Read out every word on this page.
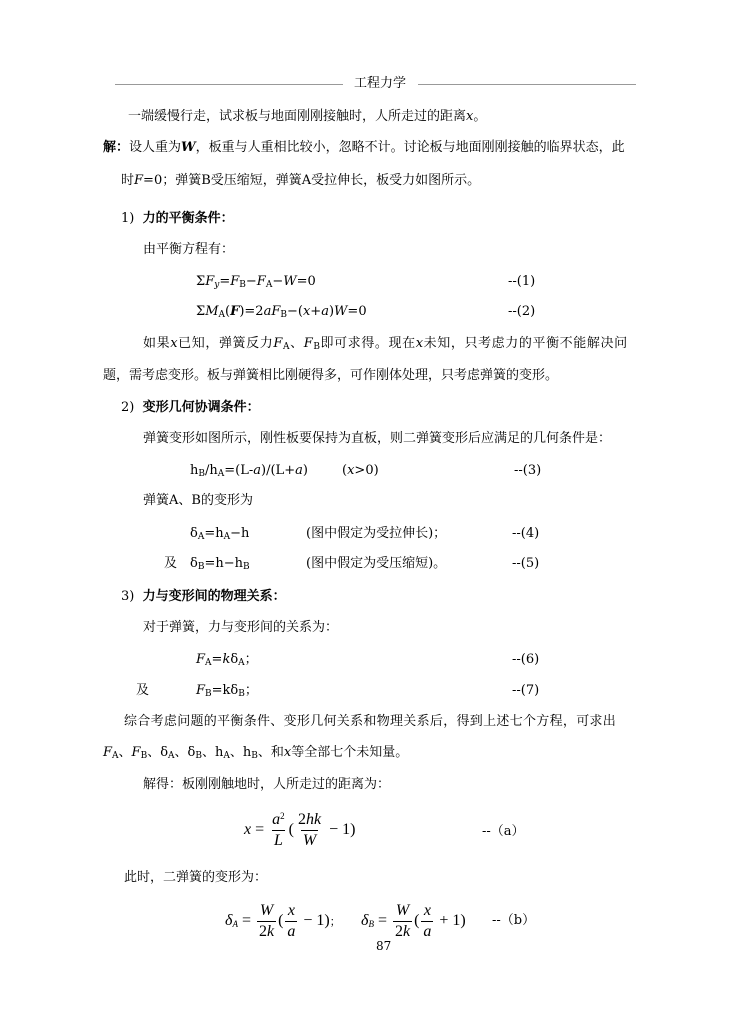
工程力学
一端缓慢行走，试求板与地面刚刚接触时，人所走过的距离x。
解：设人重为W，板重与人重相比较小，忽略不计。讨论板与地面刚刚接触的临界状态，此
时F=0；弹簧B受压缩短，弹簧A受拉伸长，板受力如图所示。
1) 力的平衡条件：
由平衡方程有：
$\Sigma F_y=F_B-F_A-W=0$	--(1)
$\Sigma M_A(F)=2aF_B-(x+a)W=0$	--(2)
如果x已知，弹簧反力$F_A$、$F_B$即可求得。现在x未知，只考虑力的平衡不能解决问
题，需考虑变形。板与弹簧相比刚硬得多，可作刚体处理，只考虑弹簧的变形。
2) 变形几何协调条件：
弹簧变形如图所示，刚性板要保持为直板，则二弹簧变形后应满足的几何条件是：
$h_B/h_A=(L-a)/(L+a)$	(x>0)	--(3)
弹簧A、B的变形为
$\delta_A=h_A-h$	(图中假定为受拉伸长)；	--(4)
及 $\delta_B=h-h_B$	(图中假定为受压缩短)。	--(5)
3) 力与变形间的物理关系：
对于弹簧，力与变形间的关系为：
$F_A=k\delta_A$；	--(6)
及	$F_B=k\delta_B$；	--(7)
综合考虑问题的平衡条件、变形几何关系和物理关系后，得到上述七个方程，可求出
$F_A$、$F_B$、$\delta_A$、$\delta_B$、$h_A$、$h_B$、和x等全部七个未知量。
解得：板刚刚触地时，人所走过的距离为：
$x = \frac{a^2}{L}$ ( $\frac{2hk}{W} - 1$)	--（a）
此时，二弹簧的变形为：
$\delta_A = \frac{W}{2k}$ ( $\frac{x}{a} - 1$)； $\delta_B = \frac{W}{2k}$ ( $\frac{x}{a} + 1$) --（b）
87
